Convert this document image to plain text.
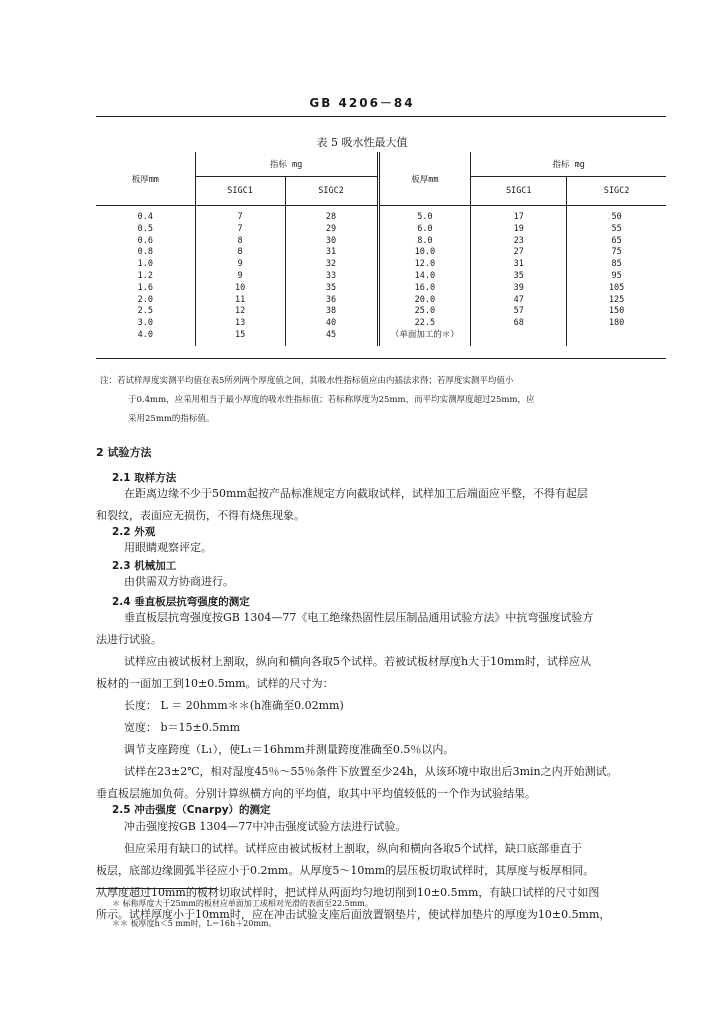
GB 4206－84
表 5 吸水性最大值
板厚mm	指标 mg		板厚mm	指标 mg	
	SIGC1	SIGC2		SIGC1	SIGC2
0.4	7	28	5.0	17	50
0.5	7	29	6.0	19	55
0.6	8	30	8.0	23	65
0.8	8	31	10.0	27	75
1.0	9	32	12.0	31	85
1.2	9	33	14.0	35	95
1.6	10	35	16.0	39	105
2.0	11	36	20.0	47	125
2.5	12	38	25.0	57	150
3.0	13	40	22.5	68	180
4.0	15	45	（单面加工的＊）		
注：若试样厚度实测平均值在表5所列两个厚度值之间，其吸水性指标值应由内插法求得；若厚度实测平均值小
于0.4mm，应采用相当于最小厚度的吸水性指标值；若标称厚度为25mm，而平均实测厚度超过25mm，应
采用25mm的指标值。
2 试验方法
2.1 取样方法
在距离边缘不少于50mm起按产品标准规定方向截取试样，试样加工后端面应平整，不得有起层
和裂纹，表面应无损伤，不得有烧焦现象。
2.2 外观
用眼睛观察评定。
2.3 机械加工
由供需双方协商进行。
2.4 垂直板层抗弯强度的测定
垂直板层抗弯强度按GB 1304—77《电工绝缘热固性层压制品通用试验方法》中抗弯强度试验方
法进行试验。
试样应由被试板材上割取，纵向和横向各取5个试样。若被试板材厚度h大于10mm时，试样应从
板材的一面加工到10±0.5mm。试样的尺寸为：
长度： L ＝ 20hmm＊＊(h准确至0.02mm)
宽度： b＝15±0.5mm
调节支座跨度（L₁），使L₁＝16hmm并测量跨度准确至0.5％以内。
试样在23±2℃，相对湿度45％～55％条件下放置至少24h，从该环境中取出后3min之内开始测试。
垂直板层施加负荷。分别计算纵横方向的平均值，取其中平均值较低的一个作为试验结果。
2.5 冲击强度（Cnarpy）的测定
冲击强度按GB 1304—77中冲击强度试验方法进行试验。
但应采用有缺口的试样。试样应由被试板材上割取，纵向和横向各取5个试样，缺口底部垂直于
板层，底部边缘圆弧半径应小于0.2mm。从厚度5～10mm的层压板切取试样时，其厚度与板厚相同。
从厚度超过10mm的板材切取试样时，把试样从两面均匀地切削到10±0.5mm，有缺口试样的尺寸如图
所示。试样厚度小于10mm时，应在冲击试验支座后面放置钢垫片，使试样加垫片的厚度为10±0.5mm，
＊ 标称厚度大于25mm的板材应单面加工成相对光滑的表面至22.5mm。
＊＊ 板厚度h＜5 mm时，L＝16h＋20mm。
